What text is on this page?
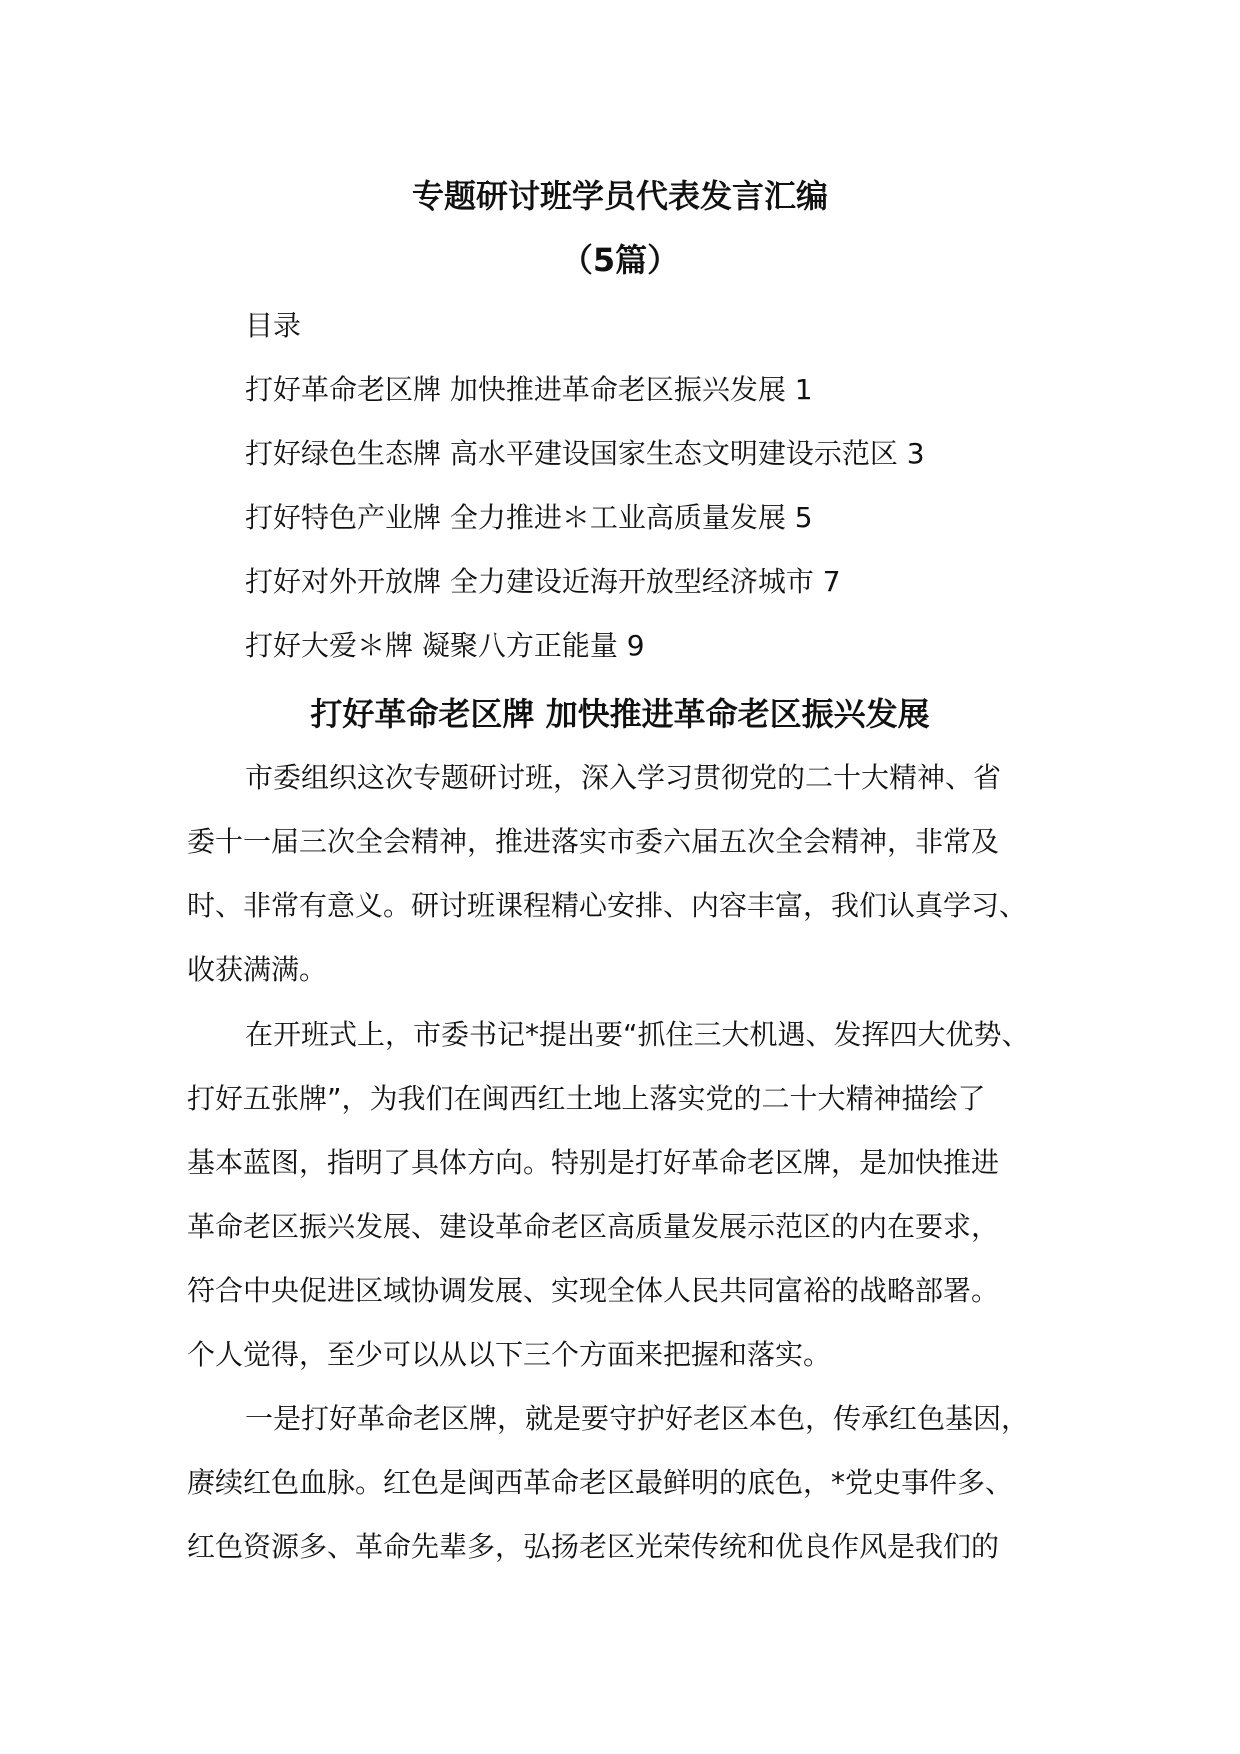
专题研讨班学员代表发言汇编
（5篇）
目录
打好革命老区牌 加快推进革命老区振兴发展 1
打好绿色生态牌 高水平建设国家生态文明建设示范区 3
打好特色产业牌 全力推进＊工业高质量发展 5
打好对外开放牌 全力建设近海开放型经济城市 7
打好大爱＊牌 凝聚八方正能量 9
打好革命老区牌 加快推进革命老区振兴发展
市委组织这次专题研讨班，深入学习贯彻党的二十大精神、省
委十一届三次全会精神，推进落实市委六届五次全会精神，非常及
时、非常有意义。研讨班课程精心安排、内容丰富，我们认真学习、
收获满满。
在开班式上，市委书记*提出要“抓住三大机遇、发挥四大优势、
打好五张牌”，为我们在闽西红土地上落实党的二十大精神描绘了
基本蓝图，指明了具体方向。特别是打好革命老区牌，是加快推进
革命老区振兴发展、建设革命老区高质量发展示范区的内在要求，
符合中央促进区域协调发展、实现全体人民共同富裕的战略部署。
个人觉得，至少可以从以下三个方面来把握和落实。
一是打好革命老区牌，就是要守护好老区本色，传承红色基因，
赓续红色血脉。红色是闽西革命老区最鲜明的底色，*党史事件多、
红色资源多、革命先辈多，弘扬老区光荣传统和优良作风是我们的
